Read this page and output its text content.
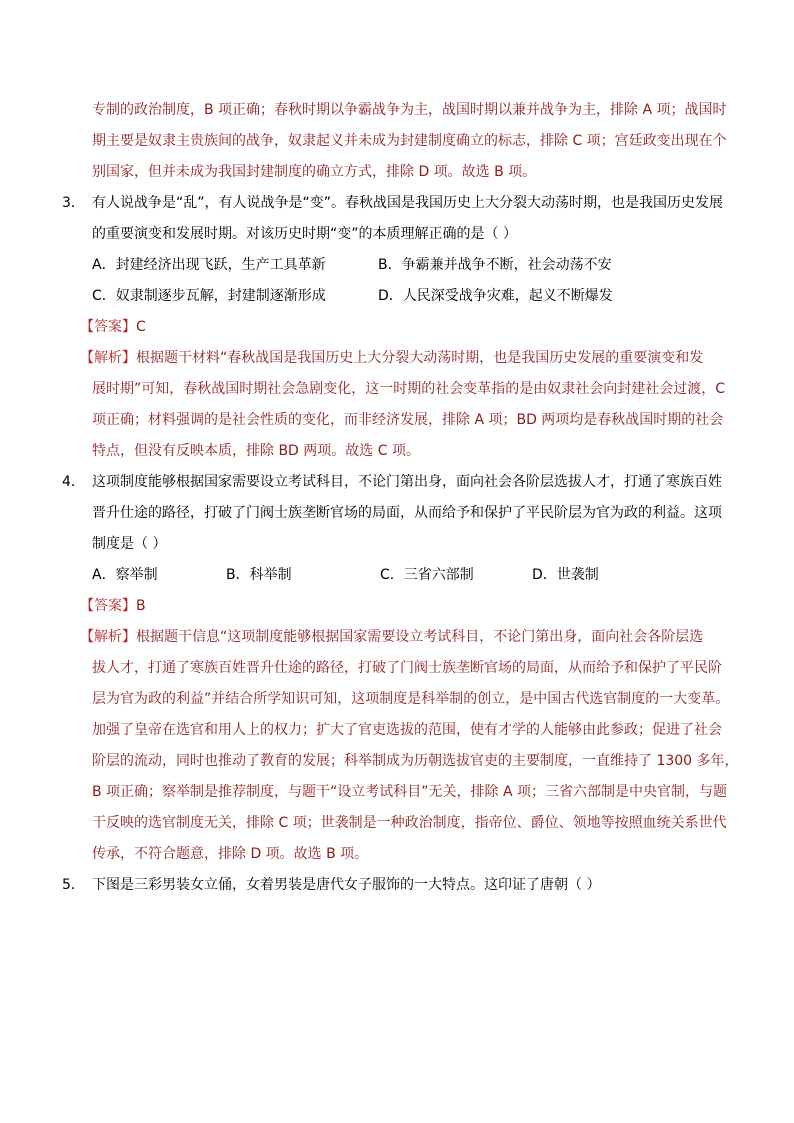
专制的政治制度，B 项正确；春秋时期以争霸战争为主，战国时期以兼并战争为主，排除 A 项；战国时
期主要是奴隶主贵族间的战争，奴隶起义并未成为封建制度确立的标志，排除 C 项；宫廷政变出现在个
别国家，但并未成为我国封建制度的确立方式，排除 D 项。故选 B 项。
3． 有人说战争是“乱”，有人说战争是“变”。春秋战国是我国历史上大分裂大动荡时期，也是我国历史发展
的重要演变和发展时期。对该历史时期“变”的本质理解正确的是（ ）
A．封建经济出现飞跃，生产工具革新	B．争霸兼并战争不断，社会动荡不安
C．奴隶制逐步瓦解，封建制逐渐形成	D．人民深受战争灾难，起义不断爆发
【答案】C
【解析】根据题干材料“春秋战国是我国历史上大分裂大动荡时期，也是我国历史发展的重要演变和发
展时期”可知，春秋战国时期社会急剧变化，这一时期的社会变革指的是由奴隶社会向封建社会过渡，C
项正确；材料强调的是社会性质的变化，而非经济发展，排除 A 项；BD 两项均是春秋战国时期的社会
特点，但没有反映本质，排除 BD 两项。故选 C 项。
4． 这项制度能够根据国家需要设立考试科目，不论门第出身，面向社会各阶层选拔人才，打通了寒族百姓
晋升仕途的路径，打破了门阀士族垄断官场的局面，从而给予和保护了平民阶层为官为政的利益。这项
制度是（ ）
A．察举制	B．科举制	C．三省六部制	D．世袭制
【答案】B
【解析】根据题干信息“这项制度能够根据国家需要设立考试科目，不论门第出身，面向社会各阶层选
拔人才，打通了寒族百姓晋升仕途的路径，打破了门阀士族垄断官场的局面，从而给予和保护了平民阶
层为官为政的利益”并结合所学知识可知，这项制度是科举制的创立，是中国古代选官制度的一大变革。
加强了皇帝在选官和用人上的权力；扩大了官吏选拔的范围，使有才学的人能够由此参政；促进了社会
阶层的流动，同时也推动了教育的发展；科举制成为历朝选拔官吏的主要制度，一直维持了 1300 多年，
B 项正确；察举制是推荐制度，与题干“设立考试科目”无关，排除 A 项；三省六部制是中央官制，与题
干反映的选官制度无关，排除 C 项；世袭制是一种政治制度，指帝位、爵位、领地等按照血统关系世代
传承，不符合题意，排除 D 项。故选 B 项。
5． 下图是三彩男装女立俑，女着男装是唐代女子服饰的一大特点。这印证了唐朝（ ）
